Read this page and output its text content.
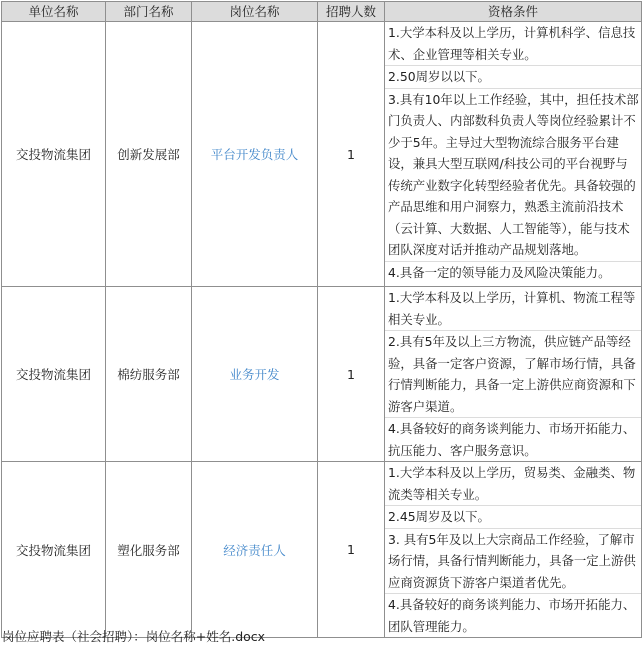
单位名称	部门名称	岗位名称	招聘人数	资格条件
交投物流集团	创新发展部	平台开发负责人	1	1.大学本科及以上学历，计算机科学、信息技术、企业管理等相关专业。
2.50周岁以以下。
3.具有10年以上工作经验，其中，担任技术部门负责人、内部数科负责人等岗位经验累计不少于5年。主导过大型物流综合服务平台建设，兼具大型互联网/科技公司的平台视野与传统产业数字化转型经验者优先。具备较强的产品思维和用户洞察力，熟悉主流前沿技术（云计算、大数据、人工智能等），能与技术团队深度对话并推动产品规划落地。
4.具备一定的领导能力及风险决策能力。

交投物流集团	棉纺服务部	业务开发	1	1.大学本科及以上学历，计算机、物流工程等相关专业。
2.具有5年及以上三方物流，供应链产品等经验，具备一定客户资源，了解市场行情，具备行情判断能力，具备一定上游供应商资源和下游客户渠道。
4.具备较好的商务谈判能力、市场开拓能力、抗压能力、客户服务意识。

交投物流集团	塑化服务部	经济责任人	1	1.大学本科及以上学历，贸易类、金融类、物流类等相关专业。
2.45周岁及以下。
3. 具有5年及以上大宗商品工作经验，了解市场行情，具备行情判断能力，具备一定上游供应商资源货下游客户渠道者优先。
4.具备较好的商务谈判能力、市场开拓能力、团队管理能力。
岗位应聘表（社会招聘）：岗位名称+姓名.docx
